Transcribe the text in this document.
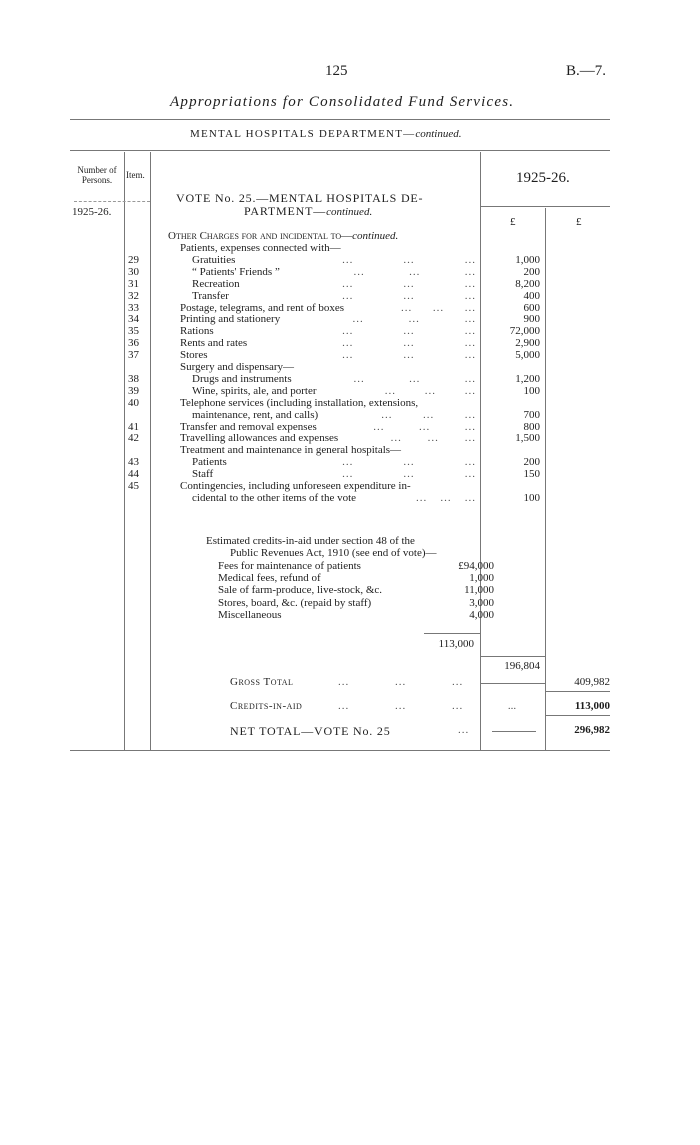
125	B.—7.
Appropriations for Consolidated Fund Services.
MENTAL HOSPITALS DEPARTMENT—continued.
Number of Persons.	Item.
1925-26.
1925-26.
£	£
VOTE No. 25.—MENTAL HOSPITALS DE-
PARTMENT—continued.
Other Charges for and incidental to—continued.
Patients, expenses connected with—
29	Gratuities	...	...	...	1,000
30	“ Patients' Friends ”	...	...	...	200
31	Recreation	...	...	...	8,200
32	Transfer	...	...	...	400
33	Postage, telegrams, and rent of boxes	... ... ...	600
34	Printing and stationery	...	...	...	900
35	Rations	...	...	...	72,000
36	Rents and rates	...	...	...	2,900
37	Stores	...	...	...	5,000
Surgery and dispensary—
38	Drugs and instruments	...	...	...	1,200
39	Wine, spirits, ale, and porter	...	...	...	100
40	Telephone services (including installation, extensions,
maintenance, rent, and calls)	...	...	...	700
41	Transfer and removal expenses	...	...	...	800
42	Travelling allowances and expenses	... ... ...	1,500
Treatment and maintenance in general hospitals—
43	Patients	...	...	...	200
44	Staff	...	...	...	150
45	Contingencies, including unforeseen expenditure in-
cidental to the other items of the vote	... ... ...	100
Estimated credits-in-aid under section 48 of the
Public Revenues Act, 1910 (see end of vote)—
Fees for maintenance of patients	£94,000
Medical fees, refund of	1,000
Sale of farm-produce, live-stock, &c.	11,000
Stores, board, &c. (repaid by staff)	3,000
Miscellaneous	4,000
113,000
196,804
Gross Total	... ... ...	409,982
Credits-in-aid	... ... ...	...	113,000
NET TOTAL—VOTE No. 25	...	296,982
